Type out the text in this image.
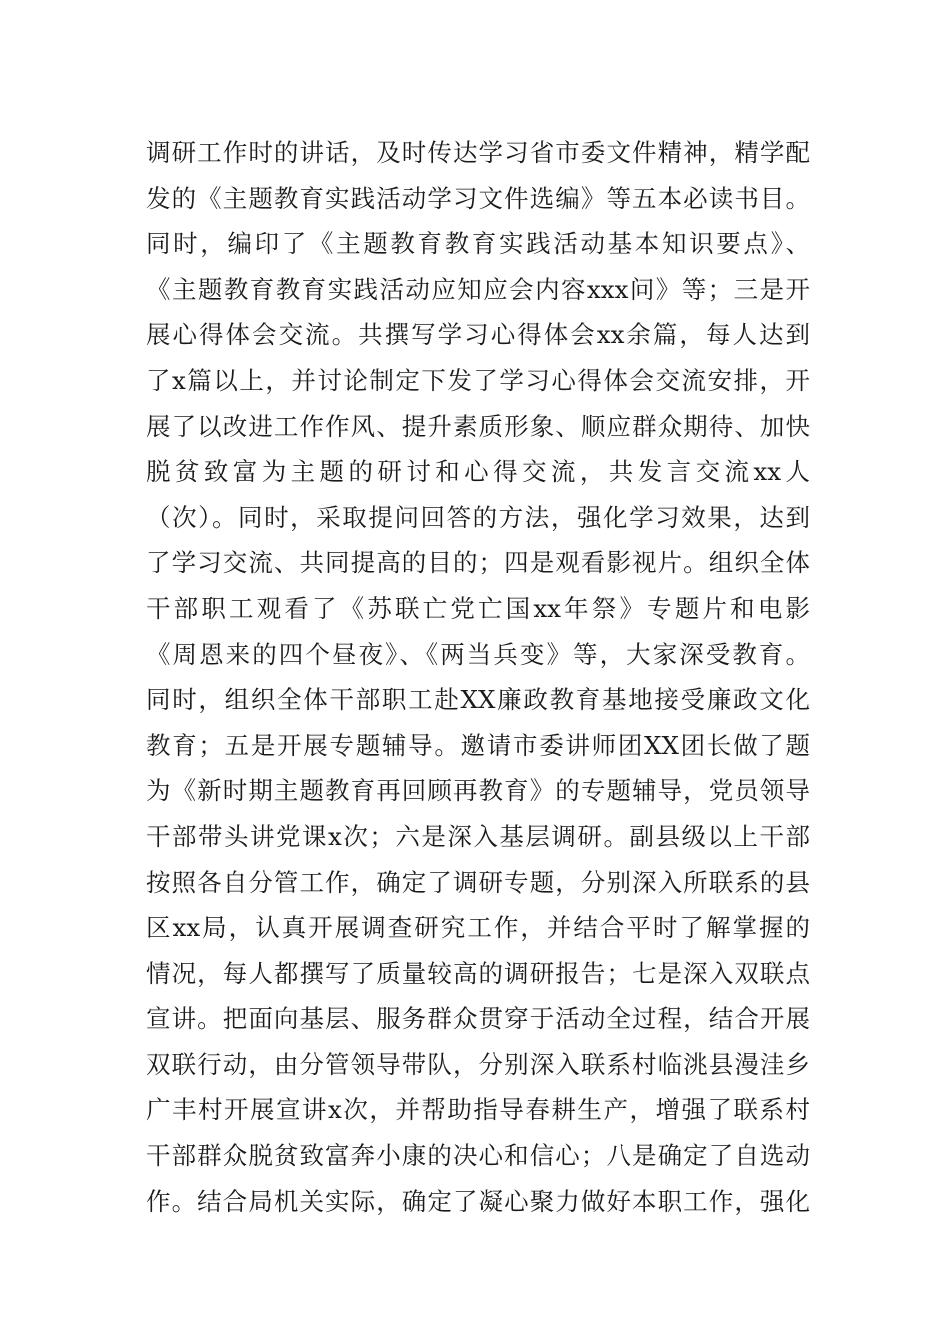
调研工作时的讲话，及时传达学习省市委文件精神，精学配
发的《主题教育实践活动学习文件选编》等五本必读书目。
同时，编印了《主题教育教育实践活动基本知识要点》、
《主题教育教育实践活动应知应会内容xxx问》等；三是开
展心得体会交流。共撰写学习心得体会xx余篇，每人达到
了x篇以上，并讨论制定下发了学习心得体会交流安排，开
展了以改进工作作风、提升素质形象、顺应群众期待、加快
脱贫致富为主题的研讨和心得交流，共发言交流xx人
（次）。同时，采取提问回答的方法，强化学习效果，达到
了学习交流、共同提高的目的；四是观看影视片。组织全体
干部职工观看了《苏联亡党亡国xx年祭》专题片和电影
《周恩来的四个昼夜》、《两当兵变》等，大家深受教育。
同时，组织全体干部职工赴XX廉政教育基地接受廉政文化
教育；五是开展专题辅导。邀请市委讲师团XX团长做了题
为《新时期主题教育再回顾再教育》的专题辅导，党员领导
干部带头讲党课x次；六是深入基层调研。副县级以上干部
按照各自分管工作，确定了调研专题，分别深入所联系的县
区xx局，认真开展调查研究工作，并结合平时了解掌握的
情况，每人都撰写了质量较高的调研报告；七是深入双联点
宣讲。把面向基层、服务群众贯穿于活动全过程，结合开展
双联行动，由分管领导带队，分别深入联系村临洮县漫洼乡
广丰村开展宣讲x次，并帮助指导春耕生产，增强了联系村
干部群众脱贫致富奔小康的决心和信心；八是确定了自选动
作。结合局机关实际，确定了凝心聚力做好本职工作，强化
